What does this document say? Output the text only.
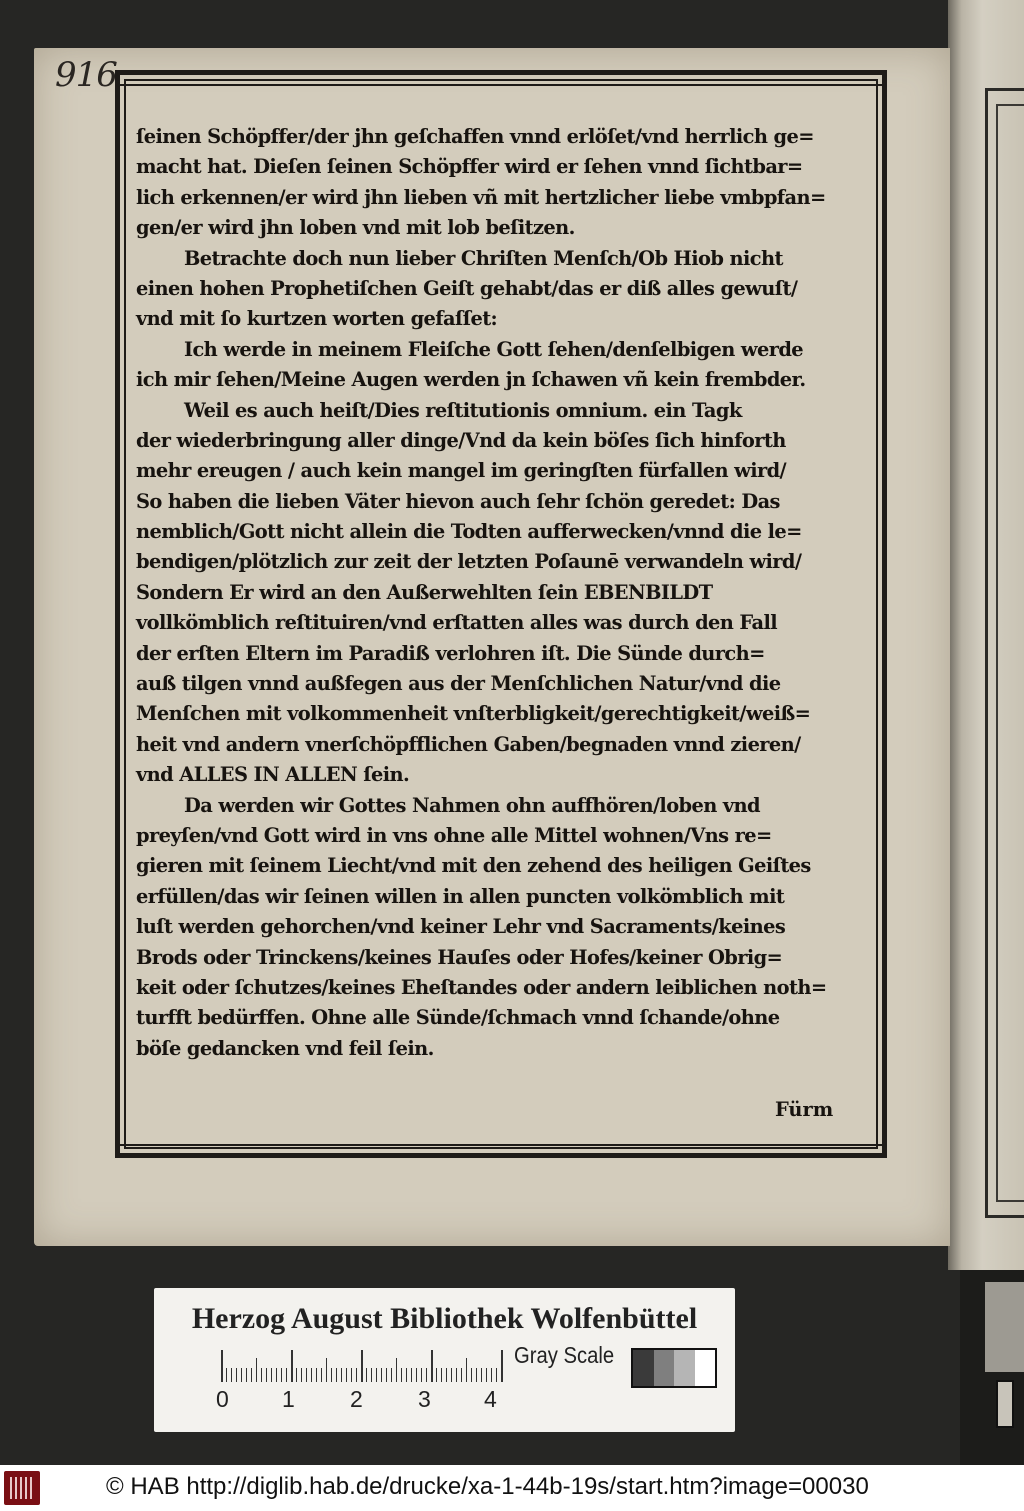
916
ſeinen Schöpffer/der jhn geſchaffen vnnd erlöſet/vnd herrlich ge=
macht hat. Dieſen ſeinen Schöpffer wird er ſehen vnnd ſichtbar=
lich erkennen/er wird jhn lieben vñ mit hertzlicher liebe vmbpfan=
gen/er wird jhn loben vnd mit lob beſitzen.
Betrachte doch nun lieber Chriſten Menſch/Ob Hiob nicht
einen hohen Prophetiſchen Geiſt gehabt/das er diß alles gewuſt/
vnd mit ſo kurtzen worten gefaſſet:
Ich werde in meinem Fleiſche Gott ſehen/denſelbigen werde
ich mir ſehen/Meine Augen werden jn ſchawen vñ kein frembder.
Weil es auch heiſt/Dies reſtitutionis omnium. ein Tagk
der wiederbringung aller dinge/Vnd da kein böſes ſich hinforth
mehr ereugen / auch kein mangel im geringſten fürfallen wird/
So haben die lieben Väter hievon auch ſehr ſchön geredet: Das
nemblich/Gott nicht allein die Todten aufferwecken/vnnd die le=
bendigen/plötzlich zur zeit der letzten Poſaunē verwandeln wird/
Sondern Er wird an den Außerwehlten ſein EBENBILDT
vollkömblich reſtituiren/vnd erſtatten alles was durch den Fall
der erſten Eltern im Paradiß verlohren iſt. Die Sünde durch=
auß tilgen vnnd außfegen aus der Menſchlichen Natur/vnd die
Menſchen mit volkommenheit vnſterbligkeit/gerechtigkeit/weiß=
heit vnd andern vnerſchöpfflichen Gaben/begnaden vnnd zieren/
vnd ALLES IN ALLEN ſein.
Da werden wir Gottes Nahmen ohn auffhören/loben vnd
preyſen/vnd Gott wird in vns ohne alle Mittel wohnen/Vns re=
gieren mit ſeinem Liecht/vnd mit den zehend des heiligen Geiſtes
erfüllen/das wir ſeinen willen in allen puncten volkömblich mit
luſt werden gehorchen/vnd keiner Lehr vnd Sacraments/keines
Brods oder Trinckens/keines Hauſes oder Hofes/keiner Obrig=
keit oder ſchutzes/keines Eheſtandes oder andern leiblichen noth=
turfft bedürffen. Ohne alle Sünde/ſchmach vnnd ſchande/ohne
böſe gedancken vnd feil ſein.
Fürm
Herzog August Bibliothek Wolfenbüttel
Gray Scale
0 1 2 3 4
© HAB http://diglib.hab.de/drucke/xa-1-44b-19s/start.htm?image=00030
